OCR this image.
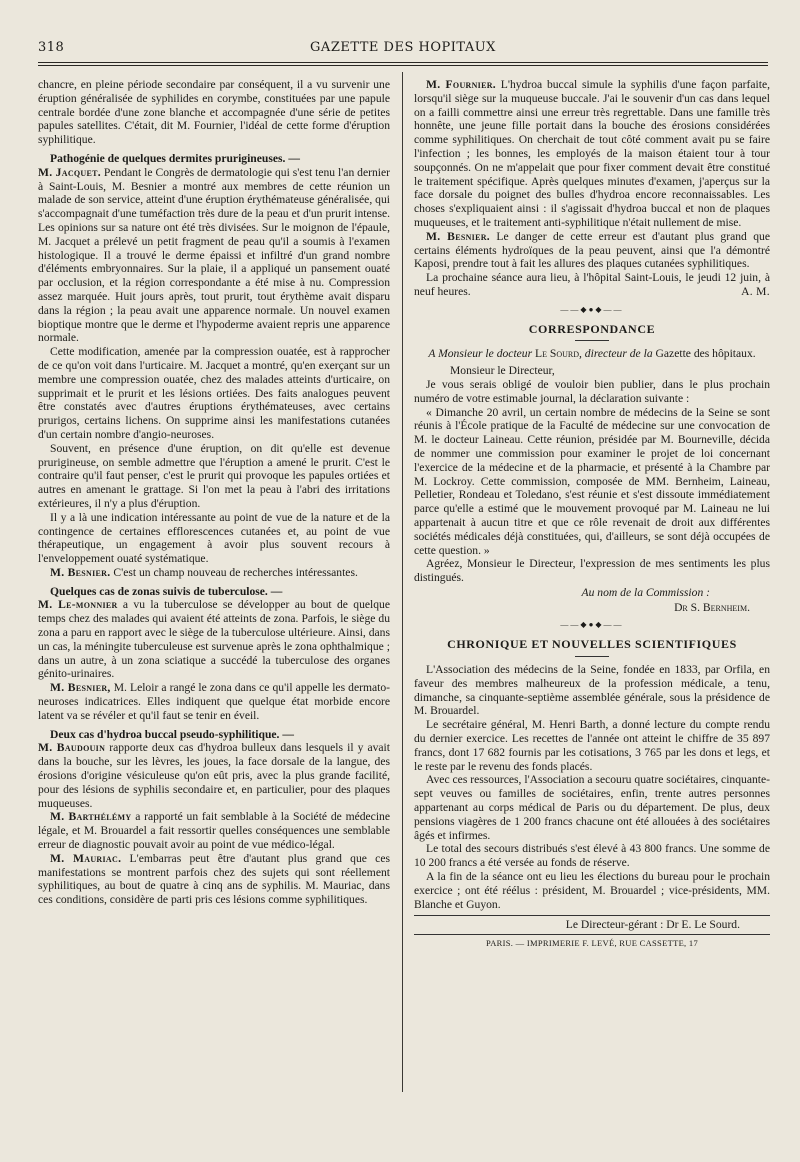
318	GAZETTE DES HOPITAUX

chancre, en pleine période secondaire par conséquent, il a vu survenir une éruption généralisée de syphilides en corymbe, constituées par une papule centrale bordée d'une zone blanche et accompagnée d'une série de petites papules satellites. C'était, dit M. Fournier, l'idéal de cette forme d'éruption syphilitique.

Pathogénie de quelques dermites prurigineuses. —

M. Jacquet. Pendant le Congrès de dermatologie qui s'est tenu l'an dernier à Saint-Louis, M. Besnier a montré aux membres de cette réunion un malade de son service, atteint d'une éruption érythémateuse généralisée, qui s'accompagnait d'une tuméfaction très dure de la peau et d'un prurit intense. Les opinions sur sa nature ont été très divisées. Sur le moignon de l'épaule, M. Jacquet a prélevé un petit fragment de peau qu'il a soumis à l'examen histologique. Il a trouvé le derme épaissi et infiltré d'un grand nombre d'éléments embryonnaires. Sur la plaie, il a appliqué un pansement ouaté par occlusion, et la région correspondante a été mise à nu. Compression assez marquée. Huit jours après, tout prurit, tout érythème avait disparu dans la région ; la peau avait une apparence normale. Un nouvel examen bioptique montre que le derme et l'hypoderme avaient repris une apparence normale.

Cette modification, amenée par la compression ouatée, est à rapprocher de ce qu'on voit dans l'urticaire. M. Jacquet a montré, qu'en exerçant sur un membre une compression ouatée, chez des malades atteints d'urticaire, on supprimait et le prurit et les lésions ortiées. Des faits analogues peuvent être constatés avec d'autres éruptions érythémateuses, avec certains prurigos, certains lichens. On supprime ainsi les manifestations cutanées d'un certain nombre d'angio-neuroses.

Souvent, en présence d'une éruption, on dit qu'elle est devenue prurigineuse, on semble admettre que l'éruption a amené le prurit. C'est le contraire qu'il faut penser, c'est le prurit qui provoque les papules ortiées et autres en amenant le grattage. Si l'on met la peau à l'abri des irritations extérieures, il n'y a plus d'éruption.

Il y a là une indication intéressante au point de vue de la nature et de la contingence de certaines efflorescences cutanées et, au point de vue thérapeutique, un engagement à avoir plus souvent recours à l'enveloppement ouaté systématique.

M. Besnier. C'est un champ nouveau de recherches intéressantes.

Quelques cas de zonas suivis de tuberculose. —

M. Le-monnier a vu la tuberculose se développer au bout de quelque temps chez des malades qui avaient été atteints de zona. Parfois, le siège du zona a paru en rapport avec le siège de la tuberculose ultérieure. Ainsi, dans un cas, la méningite tuberculeuse est survenue après le zona ophthalmique ; dans un autre, à un zona sciatique a succédé la tuberculose des organes génito-urinaires.

M. Besnier, M. Leloir a rangé le zona dans ce qu'il appelle les dermato-neuroses indicatrices. Elles indiquent que quelque état morbide encore latent va se révéler et qu'il faut se tenir en éveil.

Deux cas d'hydroa buccal pseudo-syphilitique. —

M. Baudouin rapporte deux cas d'hydroa bulleux dans lesquels il y avait dans la bouche, sur les lèvres, les joues, la face dorsale de la langue, des érosions d'origine vésiculeuse qu'on eût pris, avec la plus grande facilité, pour des lésions de syphilis secondaire et, en particulier, pour des plaques muqueuses.

M. Barthélémy a rapporté un fait semblable à la Société de médecine légale, et M. Brouardel a fait ressortir quelles conséquences une semblable erreur de diagnostic pouvait avoir au point de vue médico-légal.

M. Mauriac. L'embarras peut être d'autant plus grand que ces manifestations se montrent parfois chez des sujets qui sont réellement syphilitiques, au bout de quatre à cinq ans de syphilis. M. Mauriac, dans ces conditions, considère de parti pris ces lésions comme syphilitiques.

M. Fournier. L'hydroa buccal simule la syphilis d'une façon parfaite, lorsqu'il siège sur la muqueuse buccale. J'ai le souvenir d'un cas dans lequel on a failli commettre ainsi une erreur très regrettable. Dans une famille très honnête, une jeune fille portait dans la bouche des érosions considérées comme syphilitiques. On cherchait de tout côté comment avait pu se faire l'infection ; les bonnes, les employés de la maison étaient tour à tour soupçonnés. On ne m'appelait que pour fixer comment devait être constitué le traitement spécifique. Après quelques minutes d'examen, j'aperçus sur la face dorsale du poignet des bulles d'hydroa encore reconnaissables. Les choses s'expliquaient ainsi : il s'agissait d'hydroa buccal et non de plaques muqueuses, et le traitement anti-syphilitique n'était nullement de mise.

M. Besnier. Le danger de cette erreur est d'autant plus grand que certains éléments hydroïques de la peau peuvent, ainsi que l'a démontré Kaposi, prendre tout à fait les allures des plaques cutanées syphilitiques.

La prochaine séance aura lieu, à l'hôpital Saint-Louis, le jeudi 12 juin, à neuf heures.	A. M.

——◆●◆——
CORRESPONDANCE

A Monsieur le docteur Le Sourd, directeur de la Gazette des hôpitaux.

Monsieur le Directeur,

Je vous serais obligé de vouloir bien publier, dans le plus prochain numéro de votre estimable journal, la déclaration suivante :

« Dimanche 20 avril, un certain nombre de médecins de la Seine se sont réunis à l'École pratique de la Faculté de médecine sur une convocation de M. le docteur Laineau. Cette réunion, présidée par M. Bourneville, décida de nommer une commission pour examiner le projet de loi concernant l'exercice de la médecine et de la pharmacie, et présenté à la Chambre par M. Lockroy. Cette commission, composée de MM. Bernheim, Laineau, Pelletier, Rondeau et Toledano, s'est réunie et s'est dissoute immédiatement parce qu'elle a estimé que le mouvement provoqué par M. Laineau ne lui appartenait à aucun titre et que ce rôle revenait de droit aux différentes sociétés médicales déjà constituées, qui, d'ailleurs, se sont déjà occupées de cette question. »

Agréez, Monsieur le Directeur, l'expression de mes sentiments les plus distingués.

Au nom de la Commission :

Dr S. Bernheim.

——◆●◆——
CHRONIQUE ET NOUVELLES SCIENTIFIQUES

L'Association des médecins de la Seine, fondée en 1833, par Orfila, en faveur des membres malheureux de la profession médicale, a tenu, dimanche, sa cinquante-septième assemblée générale, sous la présidence de M. Brouardel.

Le secrétaire général, M. Henri Barth, a donné lecture du compte rendu du dernier exercice. Les recettes de l'année ont atteint le chiffre de 35 897 francs, dont 17 682 fournis par les cotisations, 3 765 par les dons et legs, et le reste par le revenu des fonds placés.

Avec ces ressources, l'Association a secouru quatre sociétaires, cinquante-sept veuves ou familles de sociétaires, enfin, trente autres personnes appartenant au corps médical de Paris ou du département. De plus, deux pensions viagères de 1 200 francs chacune ont été allouées à des sociétaires âgés et infirmes.

Le total des secours distribués s'est élevé à 43 800 francs. Une somme de 10 200 francs a été versée au fonds de réserve.

A la fin de la séance ont eu lieu les élections du bureau pour le prochain exercice ; ont été réélus : président, M. Brouardel ; vice-présidents, MM. Blanche et Guyon.

Le Directeur-gérant : Dr E. Le Sourd.

PARIS. — IMPRIMERIE F. LEVÉ, RUE CASSETTE, 17
